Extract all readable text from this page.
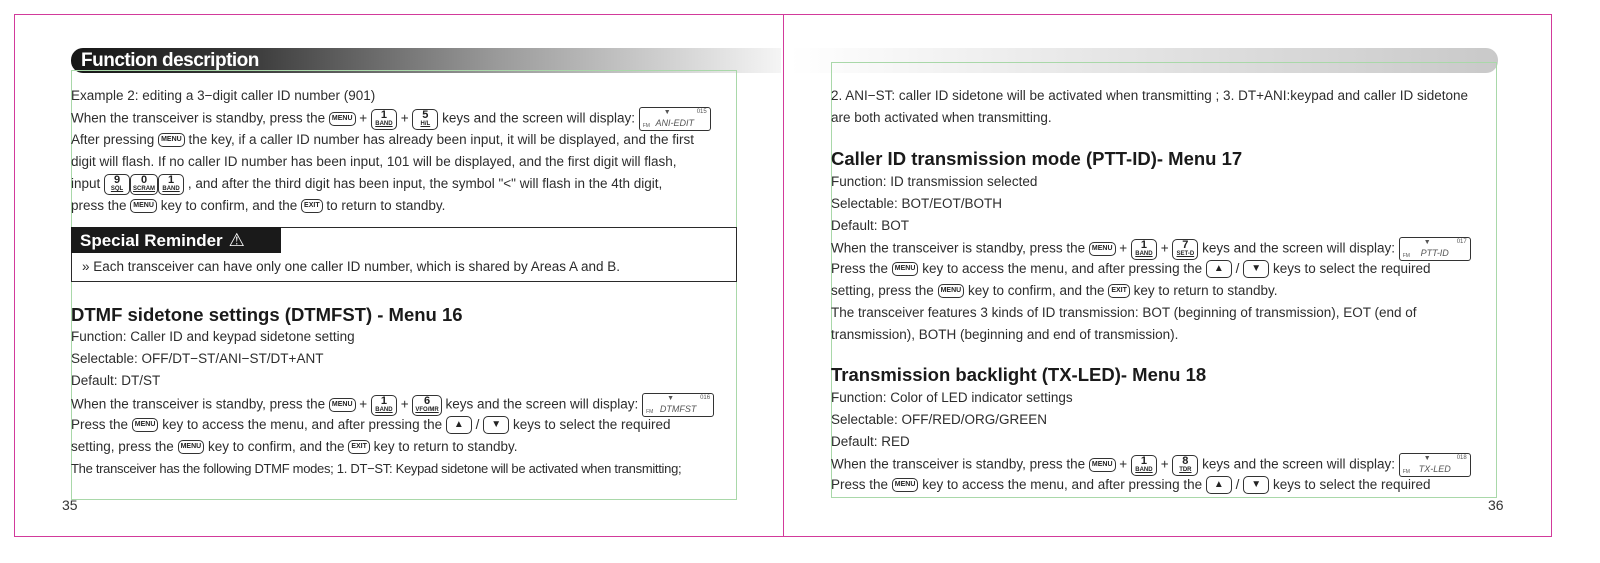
Function description
Example 2: editing a 3−digit caller ID number (901)
When the transceiver is standby, press the MENU +	1
BAND +	5
H/L keys and the screen will display:	▼	015
FM ANI-EDIT
After pressing MENU the key, if a caller ID number has already been input, it will be displayed, and the first
digit will flash. If no caller ID number has been input, 101 will be displayed, and the first digit will flash,
input	9
SQL
0
SCRAM
1
BAND , and after the third digit has been input, the symbol "<" will flash in the 4th digit,
press the MENU key to confirm, and the EXIT to return to standby.
Special Reminder ⚠
» Each transceiver can have only one caller ID number, which is shared by Areas A and B.
DTMF sidetone settings (DTMFST) - Menu 16
Function: Caller ID and keypad sidetone setting
Selectable: OFF/DT−ST/ANI−ST/DT+ANT
Default: DT/ST
When the transceiver is standby, press the MENU +	1
BAND +	6
VFO/MR keys and the screen will display:	▼	016
FM DTMFST
Press the MENU key to access the menu, and after pressing the ▲ / ▼ keys to select the required
setting, press the MENU key to confirm, and the EXIT key to return to standby.
The transceiver has the following DTMF modes; 1. DT−ST: Keypad sidetone will be activated when transmitting;
35
2. ANI−ST: caller ID sidetone will be activated when transmitting ; 3. DT+ANI:keypad and caller ID sidetone
are both activated when transmitting.
Caller ID transmission mode (PTT-ID)- Menu 17
Function: ID transmission selected
Selectable: BOT/EOT/BOTH
Default: BOT
When the transceiver is standby, press the MENU +	1
BAND +	7
SET-D keys and the screen will display:	▼	017
FM PTT-ID
Press the MENU key to access the menu, and after pressing the ▲ / ▼ keys to select the required
setting, press the MENU key to confirm, and the EXIT key to return to standby.
The transceiver features 3 kinds of ID transmission: BOT (beginning of transmission), EOT (end of
transmission), BOTH (beginning and end of transmission).
Transmission backlight (TX-LED)- Menu 18
Function: Color of LED indicator settings
Selectable: OFF/RED/ORG/GREEN
Default: RED
When the transceiver is standby, press the MENU +	1
BAND +	8
TDR keys and the screen will display:	▼	018
FM TX-LED
Press the MENU key to access the menu, and after pressing the ▲ / ▼ keys to select the required
36
